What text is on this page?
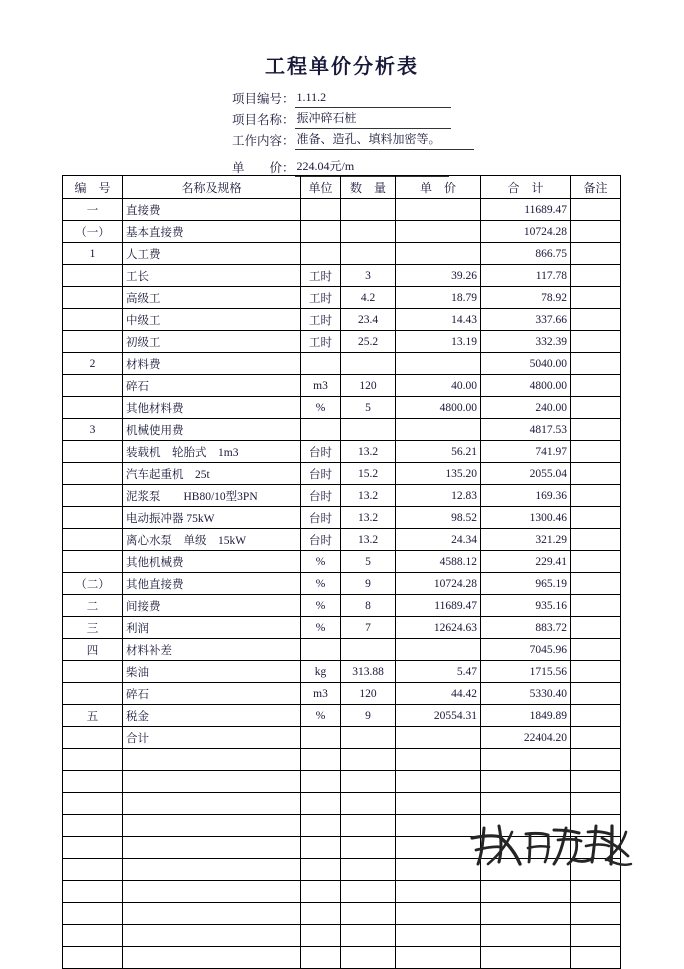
工程单价分析表
项目编号： 1.11.2
项目名称： 振冲碎石桩
工作内容： 准备、造孔、填料加密等。
单　　价： 224.04元/m
编　号	名称及规格	单位	数　量	单　价	合　计	备注
一	直接费				11689.47	
（一）	基本直接费				10724.28	
1	人工费				866.75	
	工长	工时	3	39.26	117.78	
	高级工	工时	4.2	18.79	78.92	
	中级工	工时	23.4	14.43	337.66	
	初级工	工时	25.2	13.19	332.39	
2	材料费				5040.00	
	碎石	m3	120	40.00	4800.00	
	其他材料费	%	5	4800.00	240.00	
3	机械使用费				4817.53	
	装载机　轮胎式　1m3	台时	13.2	56.21	741.97	
	汽车起重机　25t	台时	15.2	135.20	2055.04	
	泥浆泵　　HB80/10型3PN	台时	13.2	12.83	169.36	
	电动振冲器 75kW	台时	13.2	98.52	1300.46	
	离心水泵　单级　15kW	台时	13.2	24.34	321.29	
	其他机械费	%	5	4588.12	229.41	
（二）	其他直接费	%	9	10724.28	965.19	
二	间接费	%	8	11689.47	935.16	
三	利润	%	7	12624.63	883.72	
四	材料补差				7045.96	
	柴油	kg	313.88	5.47	1715.56	
	碎石	m3	120	44.42	5330.40	
五	税金	%	9	20554.31	1849.89	
	合计				22404.20	
